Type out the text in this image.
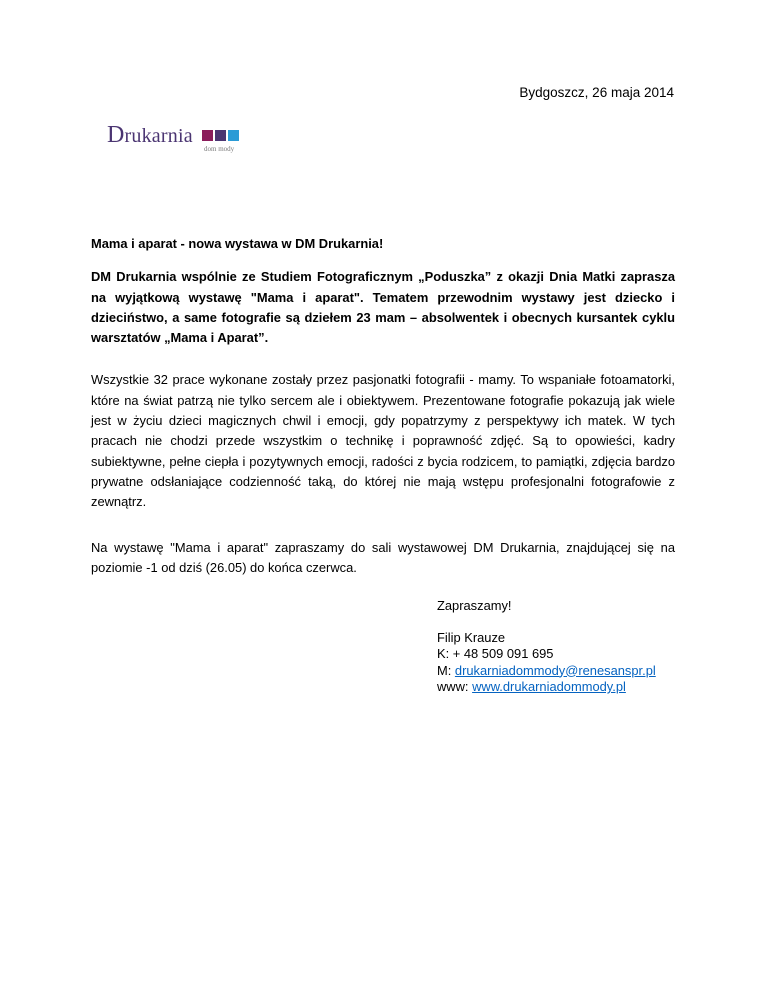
Bydgoszcz, 26 maja 2014
Drukarnia
dom mody

Mama i aparat - nowa wystawa w DM Drukarnia!

DM Drukarnia wspólnie ze Studiem Fotograficznym „Poduszka” z okazji Dnia Matki zaprasza na wyjątkową wystawę "Mama i aparat". Tematem przewodnim wystawy jest dziecko i dzieciństwo, a same fotografie są dziełem 23 mam – absolwentek i obecnych kursantek cyklu warsztatów „Mama i Aparat”.

Wszystkie 32 prace wykonane zostały przez pasjonatki fotografii - mamy. To wspaniałe fotoamatorki, które na świat patrzą nie tylko sercem ale i obiektywem. Prezentowane fotografie pokazują jak wiele jest w życiu dzieci magicznych chwil i emocji, gdy popatrzymy z perspektywy ich matek. W tych pracach nie chodzi przede wszystkim o technikę i poprawność zdjęć. Są to opowieści, kadry subiektywne, pełne ciepła i pozytywnych emocji, radości z bycia rodzicem, to pamiątki, zdjęcia bardzo prywatne odsłaniające codzienność taką, do której nie mają wstępu profesjonalni fotografowie z zewnątrz.

Na wystawę "Mama i aparat" zapraszamy do sali wystawowej DM Drukarnia, znajdującej się na poziomie -1 od dziś (26.05) do końca czerwca.

Zapraszamy!
Filip Krauze
K: + 48 509 091 695
M: drukarniadommody@renesanspr.pl
www: www.drukarniadommody.pl
